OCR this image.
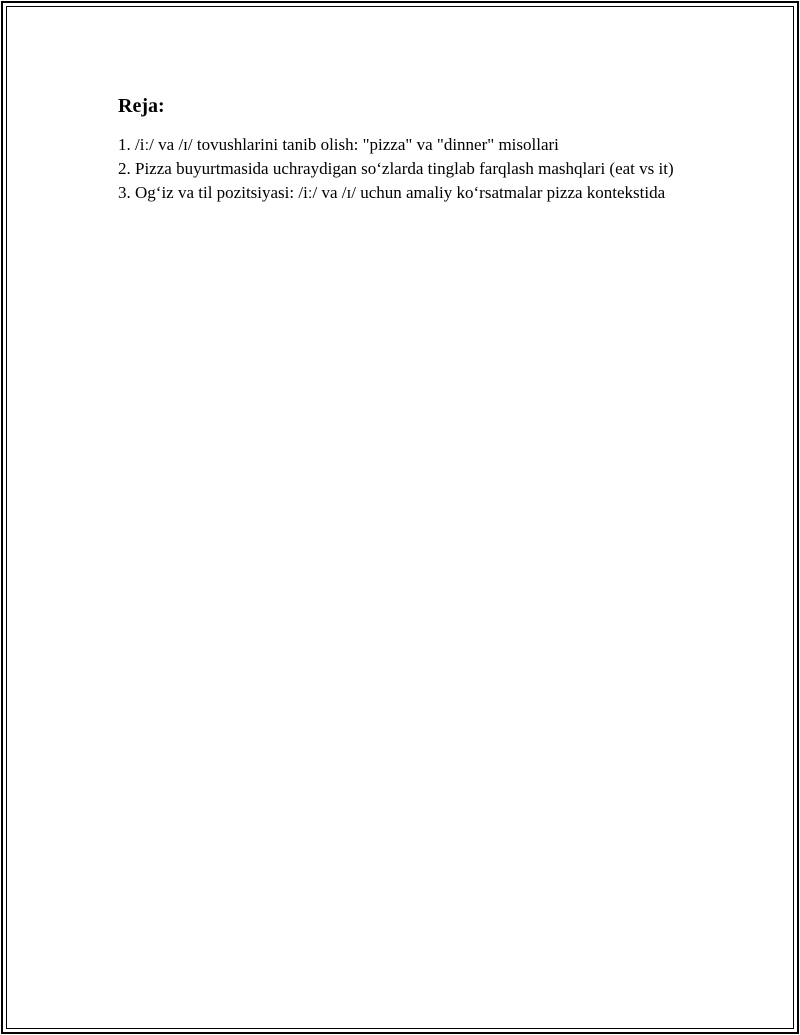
Reja:
1. /iː/ va /ɪ/ tovushlarini tanib olish: "pizza" va "dinner" misollari
2. Pizza buyurtmasida uchraydigan soʻzlarda tinglab farqlash mashqlari (eat vs it)
3. Ogʻiz va til pozitsiyasi: /iː/ va /ɪ/ uchun amaliy koʻrsatmalar pizza kontekstida
